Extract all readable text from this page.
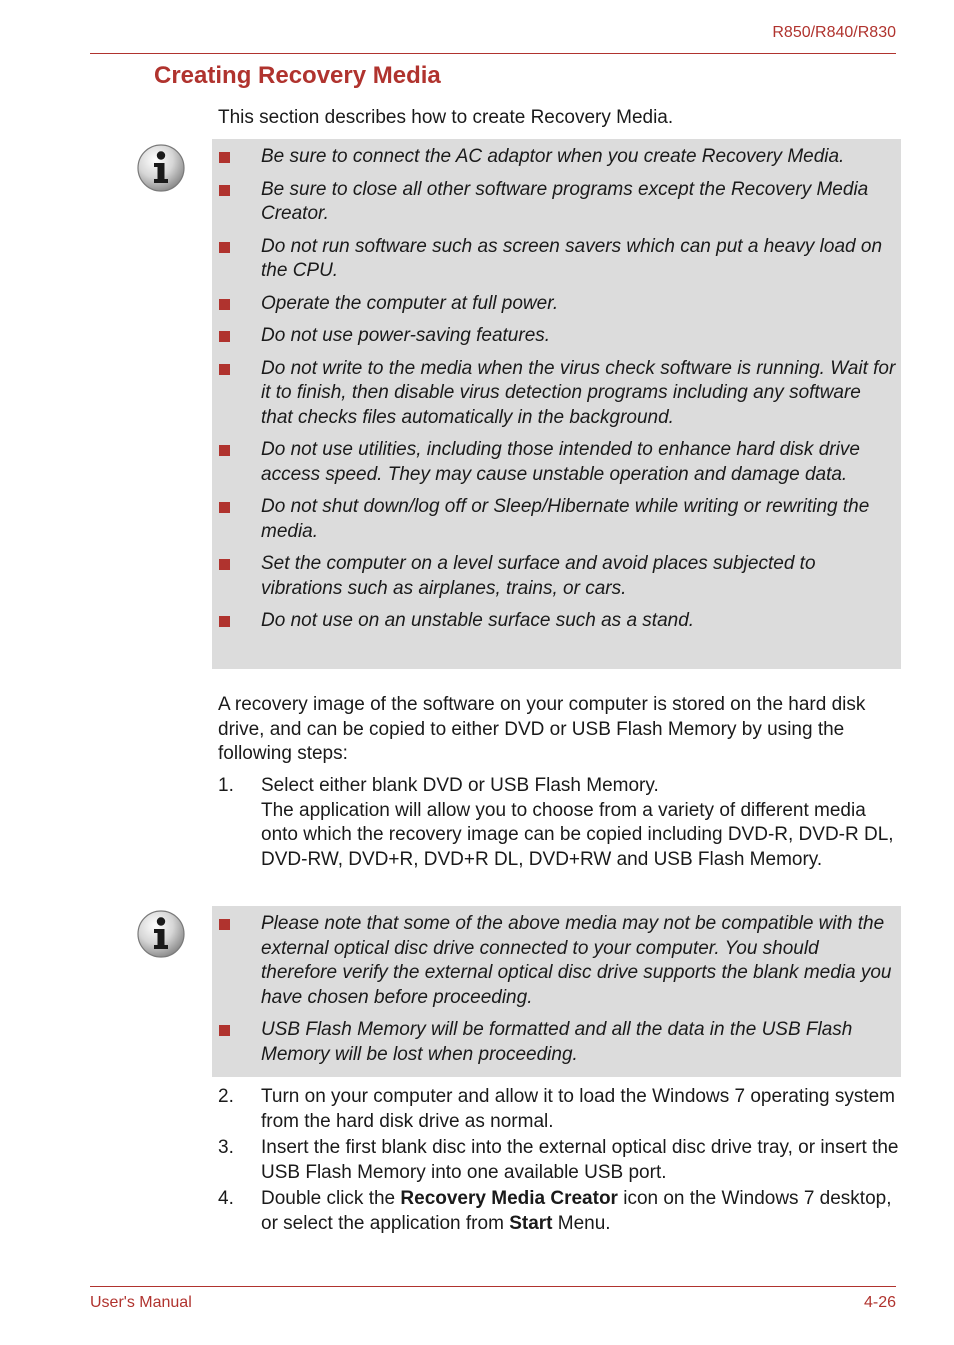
R850/R840/R830
Creating Recovery Media
This section describes how to create Recovery Media.
Be sure to connect the AC adaptor when you create Recovery Media.
Be sure to close all other software programs except the Recovery Media Creator.
Do not run software such as screen savers which can put a heavy load on the CPU.
Operate the computer at full power.
Do not use power-saving features.
Do not write to the media when the virus check software is running. Wait for it to finish, then disable virus detection programs including any software that checks files automatically in the background.
Do not use utilities, including those intended to enhance hard disk drive access speed. They may cause unstable operation and damage data.
Do not shut down/log off or Sleep/Hibernate while writing or rewriting the media.
Set the computer on a level surface and avoid places subjected to vibrations such as airplanes, trains, or cars.
Do not use on an unstable surface such as a stand.
A recovery image of the software on your computer is stored on the hard disk drive, and can be copied to either DVD or USB Flash Memory by using the following steps:
1. Select either blank DVD or USB Flash Memory.
The application will allow you to choose from a variety of different media onto which the recovery image can be copied including DVD-R, DVD-R DL, DVD-RW, DVD+R, DVD+R DL, DVD+RW and USB Flash Memory.
Please note that some of the above media may not be compatible with the external optical disc drive connected to your computer. You should therefore verify the external optical disc drive supports the blank media you have chosen before proceeding.
USB Flash Memory will be formatted and all the data in the USB Flash Memory will be lost when proceeding.
2. Turn on your computer and allow it to load the Windows 7 operating system from the hard disk drive as normal.
3. Insert the first blank disc into the external optical disc drive tray, or insert the USB Flash Memory into one available USB port.
4. Double click the Recovery Media Creator icon on the Windows 7 desktop, or select the application from Start Menu.
User's Manual	4-26
